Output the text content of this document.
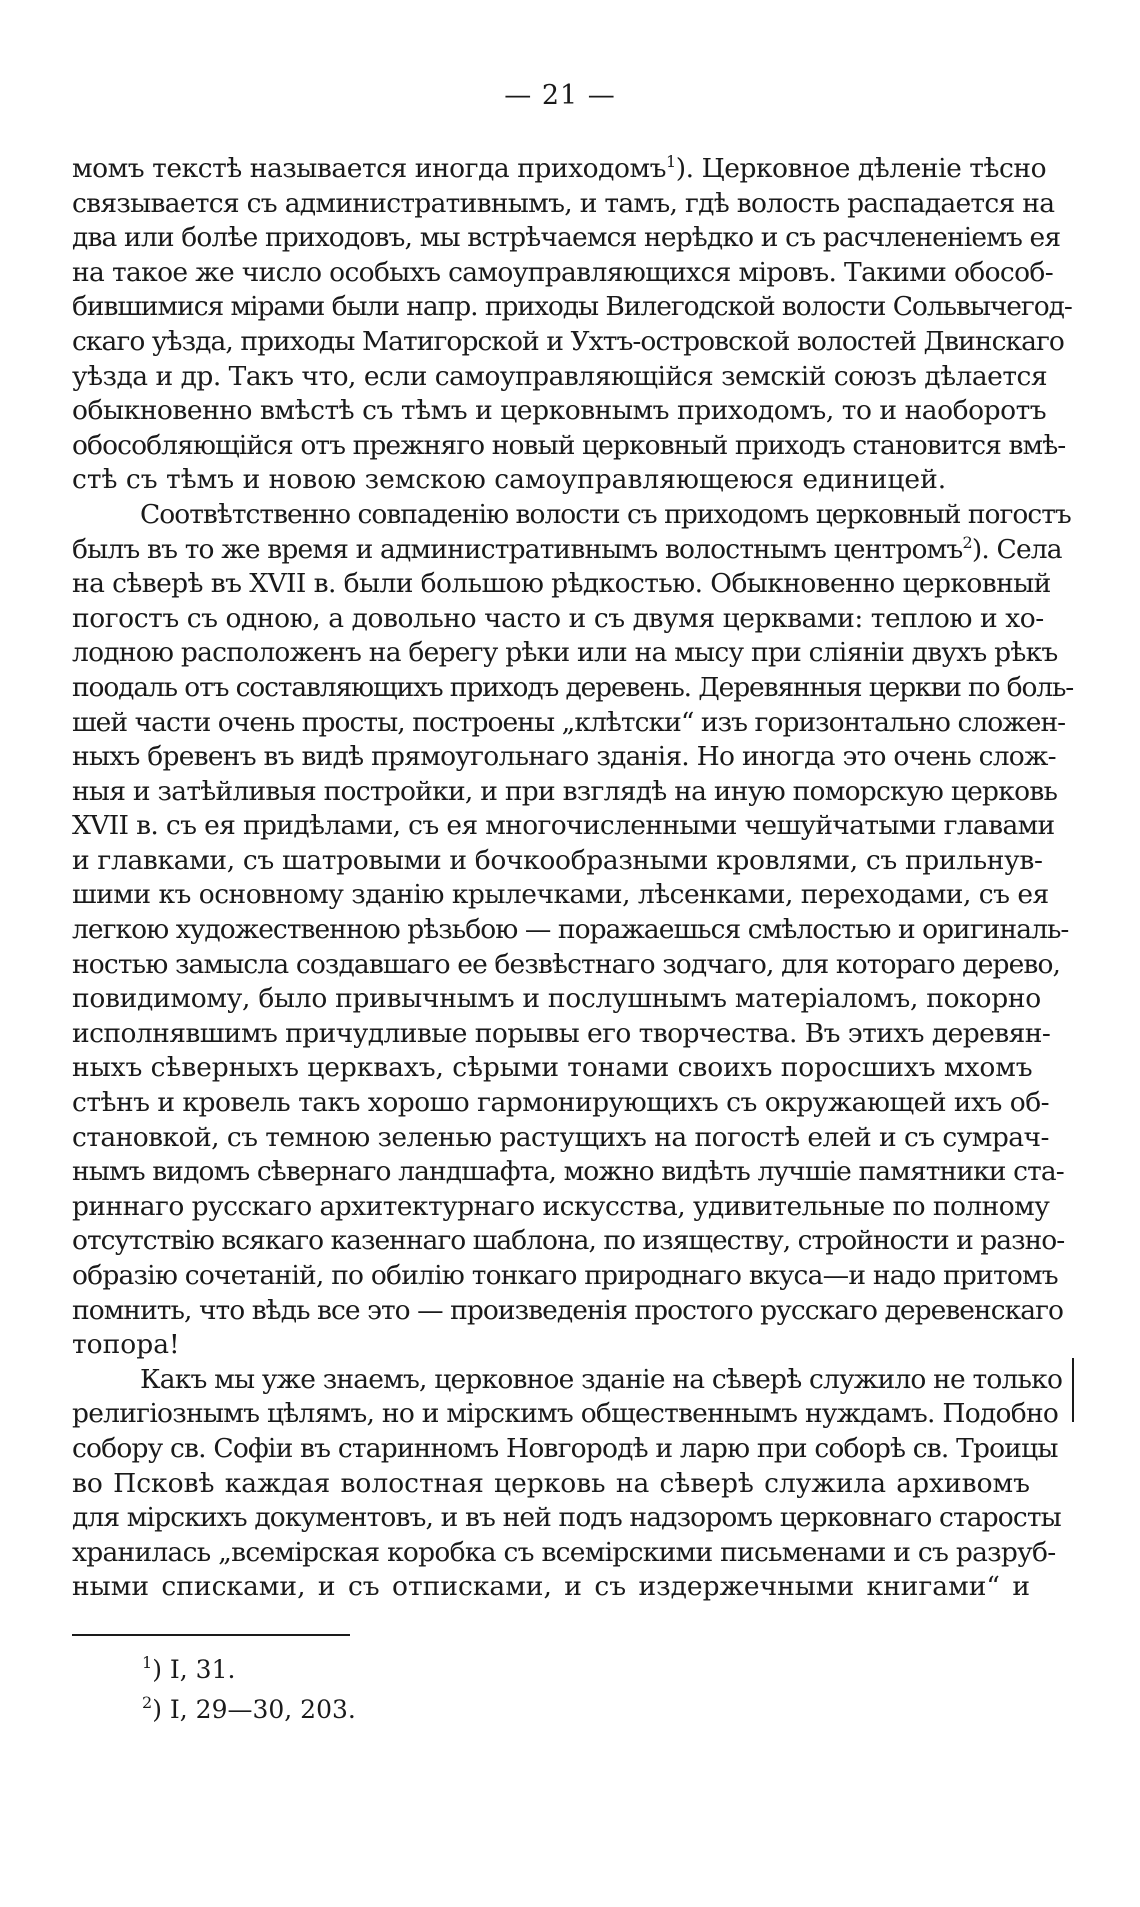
— 21 —
момъ текстѣ называется иногда приходомъ$^1$). Церковное дѣленіе тѣсно
связывается съ административнымъ, и тамъ, гдѣ волость распадается на
два или болѣе приходовъ, мы встрѣчаемся нерѣдко и съ расчлененіемъ ея
на такое же число особыхъ самоуправляющихся міровъ. Такими обособ-
бившимися мірами были напр. приходы Вилегодской волости Сольвычегод-
скаго уѣзда, приходы Матигорской и Ухтъ-островской волостей Двинскаго
уѣзда и др. Такъ что, если самоуправляющійся земскій союзъ дѣлается
обыкновенно вмѣстѣ съ тѣмъ и церковнымъ приходомъ, то и наоборотъ
обособляющійся отъ прежняго новый церковный приходъ становится вмѣ-
стѣ съ тѣмъ и новою земскою самоуправляющеюся единицей.
Соотвѣтственно совпаденію волости съ приходомъ церковный погостъ
былъ въ то же время и административнымъ волостнымъ центромъ$^2$). Села
на сѣверѣ въ XVII в. были большою рѣдкостью. Обыкновенно церковный
погостъ съ одною, а довольно часто и съ двумя церквами: теплою и хо-
лодною расположенъ на берегу рѣки или на мысу при сліяніи двухъ рѣкъ
поодаль отъ составляющихъ приходъ деревень. Деревянныя церкви по боль-
шей части очень просты, построены „клѣтски“ изъ горизонтально сложен-
ныхъ бревенъ въ видѣ прямоугольнаго зданія. Но иногда это очень слож-
ныя и затѣйливыя постройки, и при взглядѣ на иную поморскую церковь
XVII в. съ ея придѣлами, съ ея многочисленными чешуйчатыми главами
и главками, съ шатровыми и бочкообразными кровлями, съ прильнув-
шими къ основному зданію крылечками, лѣсенками, переходами, съ ея
легкою художественною рѣзьбою — поражаешься смѣлостью и оригиналь-
ностью замысла создавшаго ее безвѣстнаго зодчаго, для котораго дерево,
повидимому, было привычнымъ и послушнымъ матеріаломъ, покорно
исполнявшимъ причудливые порывы его творчества. Въ этихъ деревян-
ныхъ сѣверныхъ церквахъ, сѣрыми тонами своихъ поросшихъ мхомъ
стѣнъ и кровель такъ хорошо гармонирующихъ съ окружающей ихъ об-
становкой, съ темною зеленью растущихъ на погостѣ елей и съ сумрач-
нымъ видомъ сѣвернаго ландшафта, можно видѣть лучшіе памятники ста-
риннаго русскаго архитектурнаго искусства, удивительные по полному
отсутствію всякаго казеннаго шаблона, по изяществу, стройности и разно-
образію сочетаній, по обилію тонкаго природнаго вкуса—и надо притомъ
помнить, что вѣдь все это — произведенія простого русскаго деревенскаго
топора!
Какъ мы уже знаемъ, церковное зданіе на сѣверѣ служило не только
религіознымъ цѣлямъ, но и мірскимъ общественнымъ нуждамъ. Подобно
собору св. Софіи въ старинномъ Новгородѣ и ларю при соборѣ св. Троицы
во Псковѣ каждая волостная церковь на сѣверѣ служила архивомъ
для мірскихъ документовъ, и въ ней подъ надзоромъ церковнаго старосты
хранилась „всемірская коробка съ всемірскими письменами и съ разруб-
ными списками, и съ отписками, и съ издержечными книгами“ и
$^1$) I, 31.
$^2$) I, 29—30, 203.
